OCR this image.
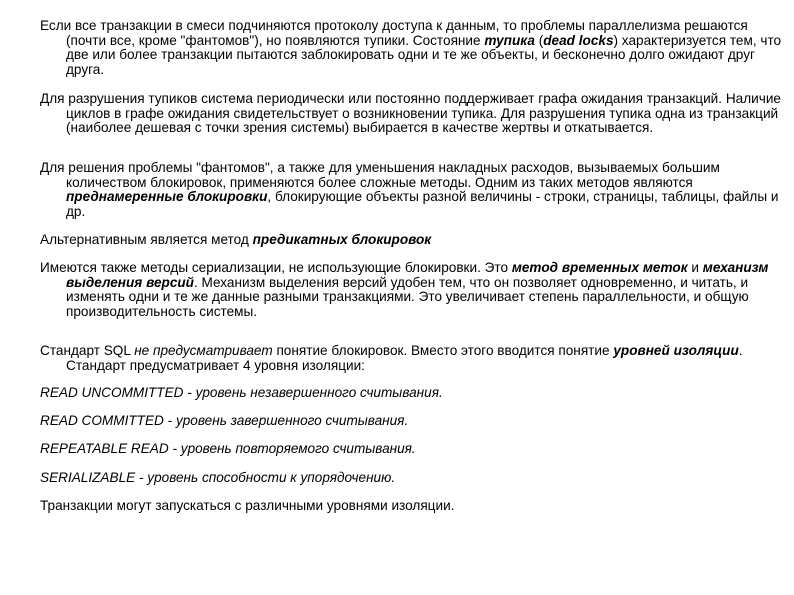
Если все транзакции в смеси подчиняются протоколу доступа к данным, то проблемы параллелизма решаются (почти все, кроме "фантомов"), но появляются тупики. Состояние тупика (dead locks) характеризуется тем, что две или более транзакции пытаются заблокировать одни и те же объекты, и бесконечно долго ожидают друг друга.

Для разрушения тупиков система периодически или постоянно поддерживает графа ожидания транзакций. Наличие циклов в графе ожидания свидетельствует о возникновении тупика. Для разрушения тупика одна из транзакций (наиболее дешевая с точки зрения системы) выбирается в качестве жертвы и откатывается.

Для решения проблемы "фантомов", а также для уменьшения накладных расходов, вызываемых большим количеством блокировок, применяются более сложные методы. Одним из таких методов являются преднамеренные блокировки, блокирующие объекты разной величины - строки, страницы, таблицы, файлы и др.

Альтернативным является метод предикатных блокировок

Имеются также методы сериализации, не использующие блокировки. Это метод временных меток и механизм выделения версий. Механизм выделения версий удобен тем, что он позволяет одновременно, и читать, и изменять одни и те же данные разными транзакциями. Это увеличивает степень параллельности, и общую производительность системы.

Стандарт SQL не предусматривает понятие блокировок. Вместо этого вводится понятие уровней изоляции. Стандарт предусматривает 4 уровня изоляции:

READ UNCOMMITTED - уровень незавершенного считывания.

READ COMMITTED - уровень завершенного считывания.

REPEATABLE READ - уровень повторяемого считывания.

SERIALIZABLE - уровень способности к упорядочению.

Транзакции могут запускаться с различными уровнями изоляции.
